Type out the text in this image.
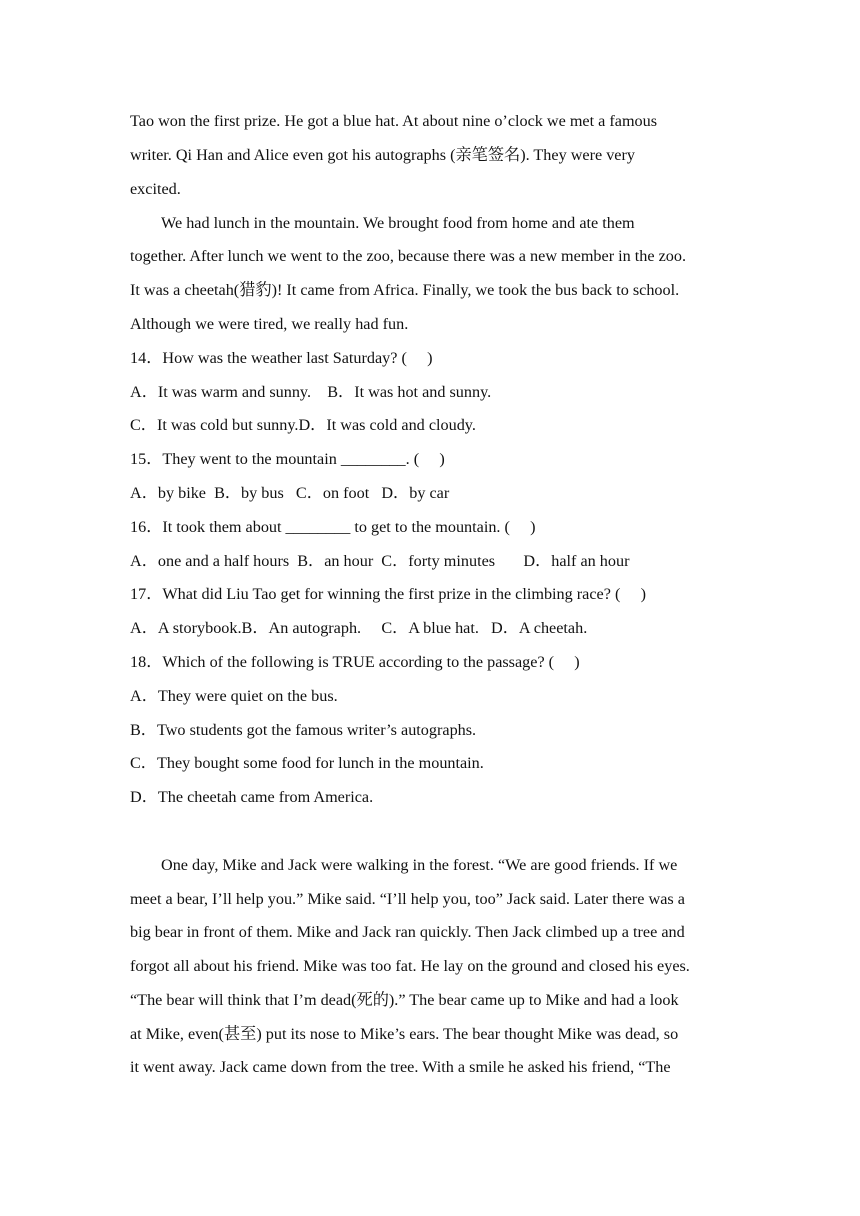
Tao won the first prize. He got a blue hat. At about nine o’clock we met a famous
writer. Qi Han and Alice even got his autographs (亲笔签名). They were very
excited.
We had lunch in the mountain. We brought food from home and ate them
together. After lunch we went to the zoo, because there was a new member in the zoo.
It was a cheetah(猎豹)! It came from Africa. Finally, we took the bus back to school.
Although we were tired, we really had fun.
14．How was the weather last Saturday? (     )
A．It was warm and sunny.    B．It was hot and sunny.
C．It was cold but sunny.D．It was cold and cloudy.
15．They went to the mountain ________. (     )
A．by bike  B．by bus   C．on foot   D．by car
16．It took them about ________ to get to the mountain. (     )
A．one and a half hours  B．an hour  C．forty minutes       D．half an hour
17．What did Liu Tao get for winning the first prize in the climbing race? (     )
A．A storybook.B．An autograph.     C．A blue hat.   D．A cheetah.
18．Which of the following is TRUE according to the passage? (     )
A．They were quiet on the bus.
B．Two students got the famous writer’s autographs.
C．They bought some food for lunch in the mountain.
D．The cheetah came from America.
One day, Mike and Jack were walking in the forest. “We are good friends. If we
meet a bear, I’ll help you.” Mike said. “I’ll help you, too” Jack said. Later there was a
big bear in front of them. Mike and Jack ran quickly. Then Jack climbed up a tree and
forgot all about his friend. Mike was too fat. He lay on the ground and closed his eyes.
“The bear will think that I’m dead(死的).” The bear came up to Mike and had a look
at Mike, even(甚至) put its nose to Mike’s ears. The bear thought Mike was dead, so
it went away. Jack came down from the tree. With a smile he asked his friend, “The
